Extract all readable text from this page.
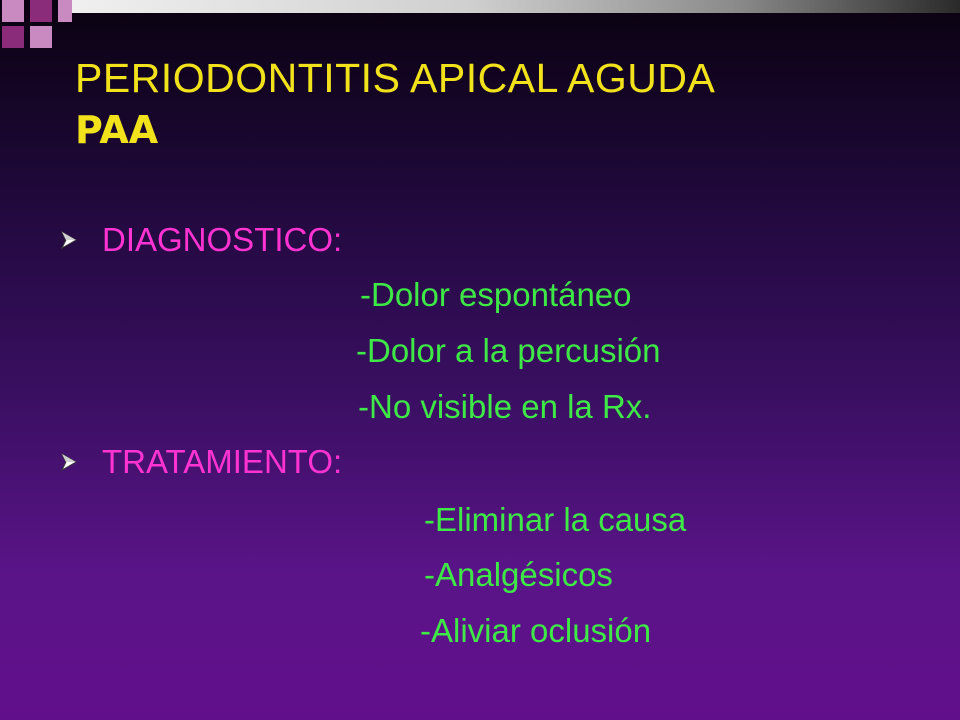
PERIODONTITIS APICAL AGUDA
PAA
DIAGNOSTICO:
-Dolor espontáneo
-Dolor a la percusión
-No visible en la Rx.
TRATAMIENTO:
-Eliminar la causa
-Analgésicos
-Aliviar oclusión
